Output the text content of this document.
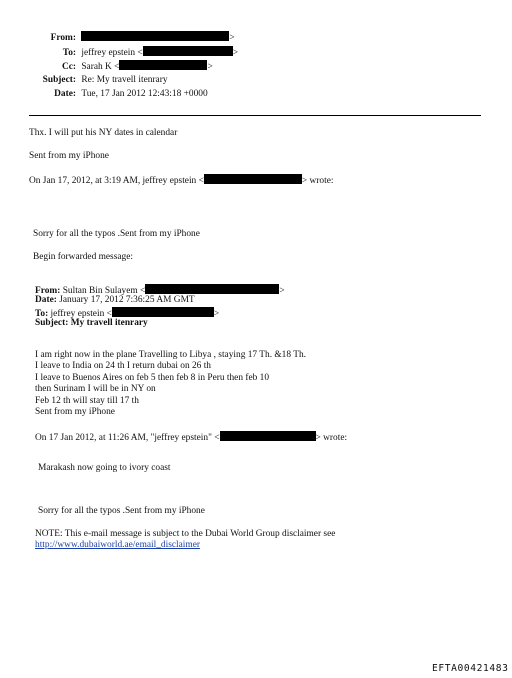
From:	>
To: jeffrey epstein <	>
Cc: Sarah K <	>
Subject: Re: My travell itenrary
Date: Tue, 17 Jan 2012 12:43:18 +0000
Thx. I will put his NY dates in calendar
Sent from my iPhone
On Jan 17, 2012, at 3:19 AM, jeffrey epstein <	> wrote:
Sorry for all the typos .Sent from my iPhone
Begin forwarded message:
From: Sultan Bin Sulayem <	>
Date: January 17, 2012 7:36:25 AM GMT
To: jeffrey epstein <	>
Subject: My travell itenrary
I am right now in the plane Travelling to Libya , staying 17 Th. &18 Th.
I leave to India on 24 th I return dubai on 26 th
I leave to Buenos Aires on feb 5 then feb 8 in Peru then feb 10
then Surinam I will be in NY on
Feb 12 th will stay till 17 th
Sent from my iPhone
On 17 Jan 2012, at 11:26 AM, "jeffrey epstein" <	> wrote:
Marakash now going to ivory coast
Sorry for all the typos .Sent from my iPhone
NOTE: This e-mail message is subject to the Dubai World Group disclaimer see
http://www.dubaiworld.ae/email_disclaimer
EFTA00421483
